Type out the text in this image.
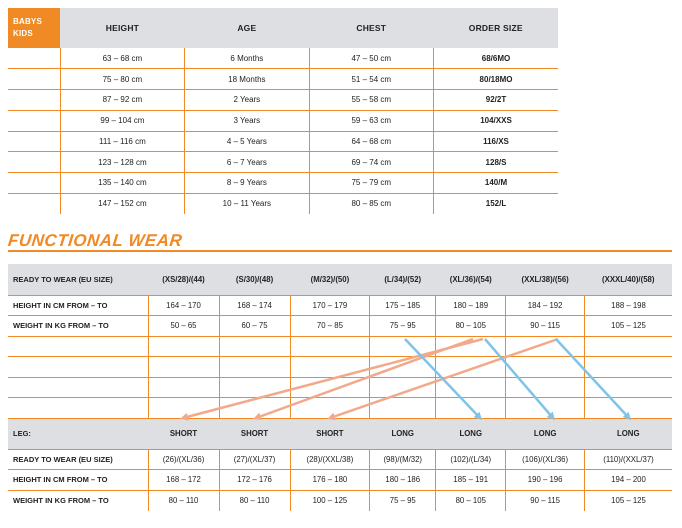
BABYS KIDS	HEIGHT	AGE	CHEST	ORDER SIZE
	63 – 68 cm	6 Months	47 – 50 cm	68/6MO
	75 – 80 cm	18 Months	51 – 54 cm	80/18MO
	87 – 92 cm	2 Years	55 – 58 cm	92/2T
	99 – 104 cm	3 Years	59 – 63 cm	104/XXS
	111 – 116 cm	4 – 5 Years	64 – 68 cm	116/XS
	123 – 128 cm	6 – 7 Years	69 – 74 cm	128/S
	135 – 140 cm	8 – 9 Years	75 – 79 cm	140/M
	147 – 152 cm	10 – 11 Years	80 – 85 cm	152/L
FUNCTIONAL WEAR
READY TO WEAR (EU SIZE)	(XS/28)/(44)	(S/30)/(48)	(M/32)/(50)	(L/34)/(52)	(XL/36)/(54)	(XXL/38)/(56)	(XXXL/40)/(58)
HEIGHT IN CM FROM – TO	164 – 170	168 – 174	170 – 179	175 – 185	180 – 189	184 – 192	188 – 198
WEIGHT IN KG FROM – TO	50 – 65	60 – 75	70 – 85	75 – 95	80 – 105	90 – 115	105 – 125

LEG:	SHORT	SHORT	SHORT	LONG	LONG	LONG	LONG
READY TO WEAR (EU SIZE)	(26)/(XL/36)	(27)/(XL/37)	(28)/(XXL/38)	(98)/(M/32)	(102)/(L/34)	(106)/(XL/36)	(110)/(XXL/37)
HEIGHT IN CM FROM – TO	168 – 172	172 – 176	176 – 180	180 – 186	185 – 191	190 – 196	194 – 200
WEIGHT IN KG FROM – TO	80 – 110	80 – 110	100 – 125	75 – 95	80 – 105	90 – 115	105 – 125
